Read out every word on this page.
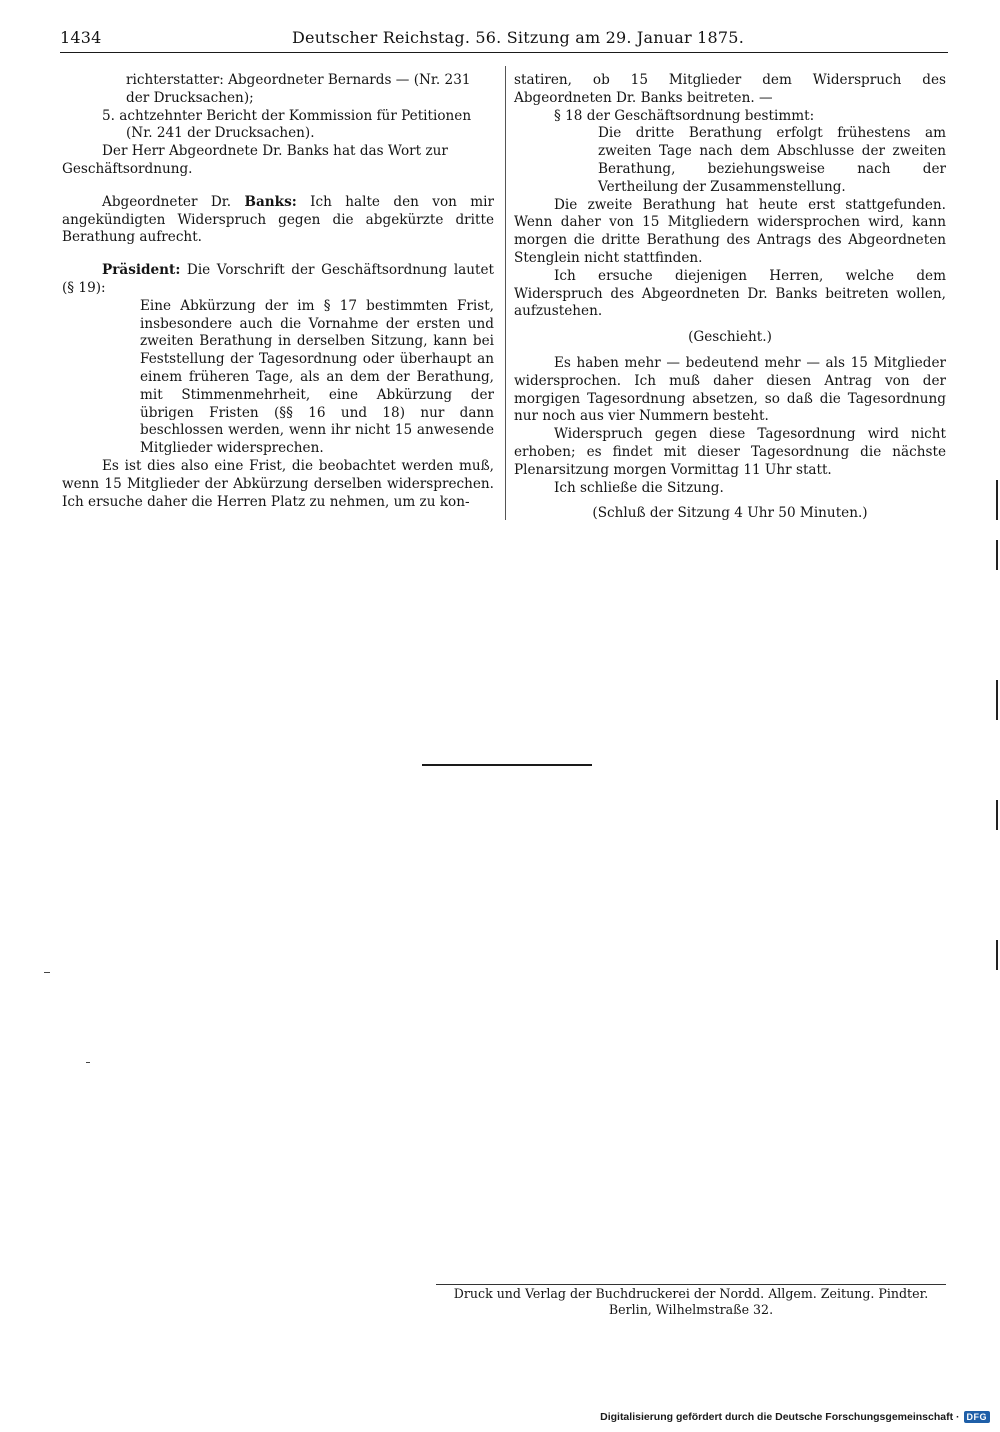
1434	Deutscher Reichstag. 56. Sitzung am 29. Januar 1875.

richterstatter: Abgeordneter Bernards — (Nr. 231

der Drucksachen);

5. achtzehnter Bericht der Kommission für Petitionen

(Nr. 241 der Drucksachen).

Der Herr Abgeordnete Dr. Banks hat das Wort zur

Geschäftsordnung.

Abgeordneter Dr. Banks: Ich halte den von mir angekündigten Widerspruch gegen die abgekürzte dritte Berathung aufrecht.

Präsident: Die Vorschrift der Geschäftsordnung lautet (§ 19):

Eine Abkürzung der im § 17 bestimmten Frist, insbesondere auch die Vornahme der ersten und zweiten Berathung in derselben Sitzung, kann bei Feststellung der Tagesordnung oder überhaupt an einem früheren Tage, als an dem der Berathung, mit Stimmenmehrheit, eine Abkürzung der übrigen Fristen (§§ 16 und 18) nur dann beschlossen werden, wenn ihr nicht 15 anwesende Mitglieder widersprechen.

Es ist dies also eine Frist, die beobachtet werden muß, wenn 15 Mitglieder der Abkürzung derselben widersprechen. Ich ersuche daher die Herren Platz zu nehmen, um zu kon-

statiren, ob 15 Mitglieder dem Widerspruch des Abgeordneten Dr. Banks beitreten. —

§ 18 der Geschäftsordnung bestimmt:

Die dritte Berathung erfolgt frühestens am zweiten Tage nach dem Abschlusse der zweiten Berathung, beziehungsweise nach der Vertheilung der Zusammenstellung.

Die zweite Berathung hat heute erst stattgefunden. Wenn daher von 15 Mitgliedern widersprochen wird, kann morgen die dritte Berathung des Antrags des Abgeordneten Stenglein nicht stattfinden.

Ich ersuche diejenigen Herren, welche dem Widerspruch des Abgeordneten Dr. Banks beitreten wollen, aufzustehen.

(Geschieht.)

Es haben mehr — bedeutend mehr — als 15 Mitglieder widersprochen. Ich muß daher diesen Antrag von der morgigen Tagesordnung absetzen, so daß die Tagesordnung nur noch aus vier Nummern besteht.

Widerspruch gegen diese Tagesordnung wird nicht erhoben; es findet mit dieser Tagesordnung die nächste Plenarsitzung morgen Vormittag 11 Uhr statt.

Ich schließe die Sitzung.

(Schluß der Sitzung 4 Uhr 50 Minuten.)

Druck und Verlag der Buchdruckerei der Nordd. Allgem. Zeitung. Pindter.
Berlin, Wilhelmstraße 32.
Digitalisierung gefördert durch die Deutsche Forschungsgemeinschaft · DFG
